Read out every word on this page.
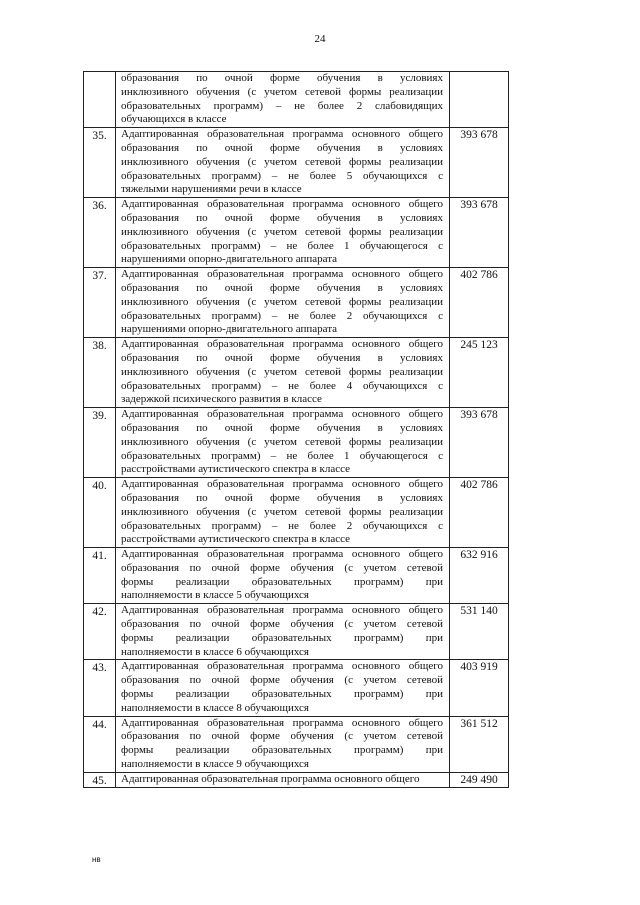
24

	образования по очной форме обучения в условиях
инклюзивного обучения (с учетом сетевой формы реализации
образовательных программ) – не более 2 слабовидящих
обучающихся в классе	

35.	Адаптированная образовательная программа основного общего
образования по очной форме обучения в условиях
инклюзивного обучения (с учетом сетевой формы реализации
образовательных программ) – не более 5 обучающихся с
тяжелыми нарушениями речи в классе	393 678
36.	Адаптированная образовательная программа основного общего
образования по очной форме обучения в условиях
инклюзивного обучения (с учетом сетевой формы реализации
образовательных программ) – не более 1 обучающегося с
нарушениями опорно-двигательного аппарата	393 678
37.	Адаптированная образовательная программа основного общего
образования по очной форме обучения в условиях
инклюзивного обучения (с учетом сетевой формы реализации
образовательных программ) – не более 2 обучающихся с
нарушениями опорно-двигательного аппарата	402 786
38.	Адаптированная образовательная программа основного общего
образования по очной форме обучения в условиях
инклюзивного обучения (с учетом сетевой формы реализации
образовательных программ) – не более 4 обучающихся с
задержкой психического развития в классе	245 123
39.	Адаптированная образовательная программа основного общего
образования по очной форме обучения в условиях
инклюзивного обучения (с учетом сетевой формы реализации
образовательных программ) – не более 1 обучающегося с
расстройствами аутистического спектра в классе	393 678
40.	Адаптированная образовательная программа основного общего
образования по очной форме обучения в условиях
инклюзивного обучения (с учетом сетевой формы реализации
образовательных программ) – не более 2 обучающихся с
расстройствами аутистического спектра в классе	402 786
41.	Адаптированная образовательная программа основного общего
образования по очной форме обучения (с учетом сетевой
формы реализации образовательных программ) при
наполняемости в классе 5 обучающихся	632 916
42.	Адаптированная образовательная программа основного общего
образования по очной форме обучения (с учетом сетевой
формы реализации образовательных программ) при
наполняемости в классе 6 обучающихся	531 140
43.	Адаптированная образовательная программа основного общего
образования по очной форме обучения (с учетом сетевой
формы реализации образовательных программ) при
наполняемости в классе 8 обучающихся	403 919
44.	Адаптированная образовательная программа основного общего
образования по очной форме обучения (с учетом сетевой
формы реализации образовательных программ) при
наполняемости в классе 9 обучающихся	361 512
45.	Адаптированная образовательная программа основного общего	249 490
нв
